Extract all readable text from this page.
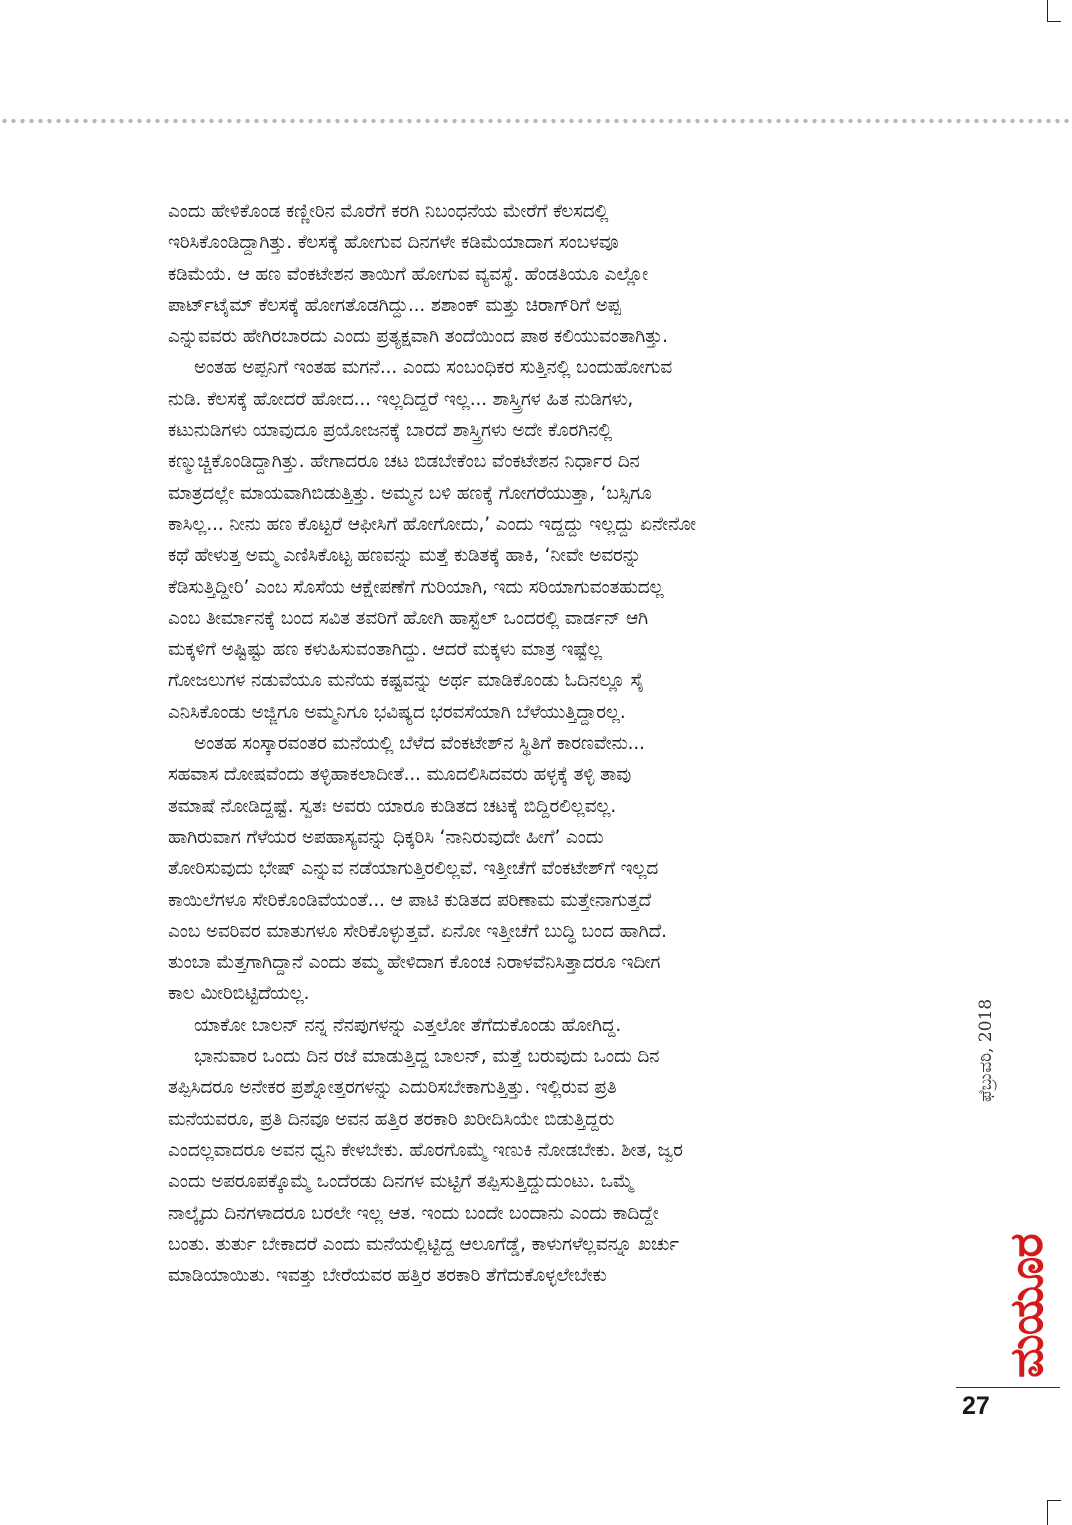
ಎಂದು ಹೇಳಿಕೊಂಡ ಕಣ್ಣೀರಿನ ಮೊರೆಗೆ ಕರಗಿ ನಿಬಂಧನೆಯ ಮೇರೆಗೆ ಕೆಲಸದಲ್ಲಿ
ಇರಿಸಿಕೊಂಡಿದ್ದಾಗಿತ್ತು. ಕೆಲಸಕ್ಕೆ ಹೋಗುವ ದಿನಗಳೇ ಕಡಿಮೆಯಾದಾಗ ಸಂಬಳವೂ
ಕಡಿಮೆಯೆ. ಆ ಹಣ ವೆಂಕಟೇಶನ ತಾಯಿಗೆ ಹೋಗುವ ವ್ಯವಸ್ಥೆ. ಹೆಂಡತಿಯೂ ಎಲ್ಲೋ
ಪಾರ್ಟ್‌ಟೈಮ್ ಕೆಲಸಕ್ಕೆ ಹೋಗತೊಡಗಿದ್ದು... ಶಶಾಂಕ್ ಮತ್ತು ಚಿರಾಗ್‌ರಿಗೆ ಅಪ್ಪ
ಎನ್ನುವವರು ಹೇಗಿರಬಾರದು ಎಂದು ಪ್ರತ್ಯಕ್ಷವಾಗಿ ತಂದೆಯಿಂದ ಪಾಠ ಕಲಿಯುವಂತಾಗಿತ್ತು.
ಅಂತಹ ಅಪ್ಪನಿಗೆ ಇಂತಹ ಮಗನೆ... ಎಂದು ಸಂಬಂಧಿಕರ ಸುತ್ತಿನಲ್ಲಿ ಬಂದುಹೋಗುವ
ನುಡಿ. ಕೆಲಸಕ್ಕೆ ಹೋದರೆ ಹೋದ... ಇಲ್ಲದಿದ್ದರೆ ಇಲ್ಲ... ಶಾಸ್ತ್ರಿಗಳ ಹಿತ ನುಡಿಗಳು,
ಕಟುನುಡಿಗಳು ಯಾವುದೂ ಪ್ರಯೋಜನಕ್ಕೆ ಬಾರದೆ ಶಾಸ್ತ್ರಿಗಳು ಅದೇ ಕೊರಗಿನಲ್ಲಿ
ಕಣ್ಮುಚ್ಚಿಕೊಂಡಿದ್ದಾಗಿತ್ತು. ಹೇಗಾದರೂ ಚಟ ಬಿಡಬೇಕೆಂಬ ವೆಂಕಟೇಶನ ನಿರ್ಧಾರ ದಿನ
ಮಾತ್ರದಲ್ಲೇ ಮಾಯವಾಗಿಬಿಡುತ್ತಿತ್ತು. ಅಮ್ಮನ ಬಳಿ ಹಣಕ್ಕೆ ಗೋಗರೆಯುತ್ತಾ, ‘ಬಸ್ಸಿಗೂ
ಕಾಸಿಲ್ಲ... ನೀನು ಹಣ ಕೊಟ್ಟರೆ ಆಫೀಸಿಗೆ ಹೋಗೋದು,’ ಎಂದು ಇದ್ದದ್ದು ಇಲ್ಲದ್ದು ಏನೇನೋ
ಕಥೆ ಹೇಳುತ್ತ ಅಮ್ಮ ಎಣಿಸಿಕೊಟ್ಟ ಹಣವನ್ನು ಮತ್ತೆ ಕುಡಿತಕ್ಕೆ ಹಾಕಿ, ‘ನೀವೇ ಅವರನ್ನು
ಕೆಡಿಸುತ್ತಿದ್ದೀರಿ’ ಎಂಬ ಸೊಸೆಯ ಆಕ್ಷೇಪಣೆಗೆ ಗುರಿಯಾಗಿ, ಇದು ಸರಿಯಾಗುವಂತಹುದಲ್ಲ
ಎಂಬ ತೀರ್ಮಾನಕ್ಕೆ ಬಂದ ಸವಿತ ತವರಿಗೆ ಹೋಗಿ ಹಾಸ್ಟೆಲ್ ಒಂದರಲ್ಲಿ ವಾರ್ಡನ್ ಆಗಿ
ಮಕ್ಕಳಿಗೆ ಅಷ್ಟಿಷ್ಟು ಹಣ ಕಳುಹಿಸುವಂತಾಗಿದ್ದು. ಆದರೆ ಮಕ್ಕಳು ಮಾತ್ರ ಇಷ್ಟೆಲ್ಲ
ಗೋಜಲುಗಳ ನಡುವೆಯೂ ಮನೆಯ ಕಷ್ಟವನ್ನು ಅರ್ಥ ಮಾಡಿಕೊಂಡು ಓದಿನಲ್ಲೂ ಸೈ
ಎನಿಸಿಕೊಂಡು ಅಜ್ಜಿಗೂ ಅಮ್ಮನಿಗೂ ಭವಿಷ್ಯದ ಭರವಸೆಯಾಗಿ ಬೆಳೆಯುತ್ತಿದ್ದಾರಲ್ಲ.
ಅಂತಹ ಸಂಸ್ಕಾರವಂತರ ಮನೆಯಲ್ಲಿ ಬೆಳೆದ ವೆಂಕಟೇಶ್‌ನ ಸ್ಥಿತಿಗೆ ಕಾರಣವೇನು...
ಸಹವಾಸ ದೋಷವೆಂದು ತಳ್ಳಿಹಾಕಲಾದೀತೆ... ಮೂದಲಿಸಿದವರು ಹಳ್ಳಕ್ಕೆ ತಳ್ಳಿ ತಾವು
ತಮಾಷೆ ನೋಡಿದ್ದಷ್ಟೆ. ಸ್ವತಃ ಅವರು ಯಾರೂ ಕುಡಿತದ ಚಟಕ್ಕೆ ಬಿದ್ದಿರಲಿಲ್ಲವಲ್ಲ.
ಹಾಗಿರುವಾಗ ಗೆಳೆಯರ ಅಪಹಾಸ್ಯವನ್ನು ಧಿಕ್ಕರಿಸಿ ‘ನಾನಿರುವುದೇ ಹೀಗೆ’ ಎಂದು
ತೋರಿಸುವುದು ಭೇಷ್ ಎನ್ನುವ ನಡೆಯಾಗುತ್ತಿರಲಿಲ್ಲವೆ. ಇತ್ತೀಚೆಗೆ ವೆಂಕಟೇಶ್‌ಗೆ ಇಲ್ಲದ
ಕಾಯಿಲೆಗಳೂ ಸೇರಿಕೊಂಡಿವೆಯಂತೆ... ಆ ಪಾಟಿ ಕುಡಿತದ ಪರಿಣಾಮ ಮತ್ತೇನಾಗುತ್ತದೆ
ಎಂಬ ಅವರಿವರ ಮಾತುಗಳೂ ಸೇರಿಕೊಳ್ಳುತ್ತವೆ. ಏನೋ ಇತ್ತೀಚೆಗೆ ಬುದ್ಧಿ ಬಂದ ಹಾಗಿದೆ.
ತುಂಬಾ ಮೆತ್ತಗಾಗಿದ್ದಾನೆ ಎಂದು ತಮ್ಮ ಹೇಳಿದಾಗ ಕೊಂಚ ನಿರಾಳವೆನಿಸಿತ್ತಾದರೂ ಇದೀಗ
ಕಾಲ ಮೀರಿಬಿಟ್ಟಿದೆಯಲ್ಲ.
ಯಾಕೋ ಬಾಲನ್ ನನ್ನ ನೆನಪುಗಳನ್ನು ಎತ್ತಲೋ ತೆಗೆದುಕೊಂಡು ಹೋಗಿದ್ದ.
ಭಾನುವಾರ ಒಂದು ದಿನ ರಜೆ ಮಾಡುತ್ತಿದ್ದ ಬಾಲನ್, ಮತ್ತೆ ಬರುವುದು ಒಂದು ದಿನ
ತಪ್ಪಿಸಿದರೂ ಅನೇಕರ ಪ್ರಶ್ನೋತ್ತರಗಳನ್ನು ಎದುರಿಸಬೇಕಾಗುತ್ತಿತ್ತು. ಇಲ್ಲಿರುವ ಪ್ರತಿ
ಮನೆಯವರೂ, ಪ್ರತಿ ದಿನವೂ ಅವನ ಹತ್ತಿರ ತರಕಾರಿ ಖರೀದಿಸಿಯೇ ಬಿಡುತ್ತಿದ್ದರು
ಎಂದಲ್ಲವಾದರೂ ಅವನ ಧ್ವನಿ ಕೇಳಬೇಕು. ಹೊರಗೊಮ್ಮೆ ಇಣುಕಿ ನೋಡಬೇಕು. ಶೀತ, ಜ್ವರ
ಎಂದು ಅಪರೂಪಕ್ಕೊಮ್ಮೆ ಒಂದೆರಡು ದಿನಗಳ ಮಟ್ಟಿಗೆ ತಪ್ಪಿಸುತ್ತಿದ್ದುದುಂಟು. ಒಮ್ಮೆ
ನಾಲ್ಕೈದು ದಿನಗಳಾದರೂ ಬರಲೇ ಇಲ್ಲ ಆತ. ಇಂದು ಬಂದೇ ಬಂದಾನು ಎಂದು ಕಾದಿದ್ದೇ
ಬಂತು. ತುರ್ತು ಬೇಕಾದರೆ ಎಂದು ಮನೆಯಲ್ಲಿಟ್ಟಿದ್ದ ಆಲೂಗೆಡ್ಡೆ, ಕಾಳುಗಳೆಲ್ಲವನ್ನೂ ಖರ್ಚು
ಮಾಡಿಯಾಯಿತು. ಇವತ್ತು ಬೇರೆಯವರ ಹತ್ತಿರ ತರಕಾರಿ ತೆಗೆದುಕೊಳ್ಳಲೇಬೇಕು
ಫೆಬ್ರುವರಿ, 2018
ಮಯೂರ
27
